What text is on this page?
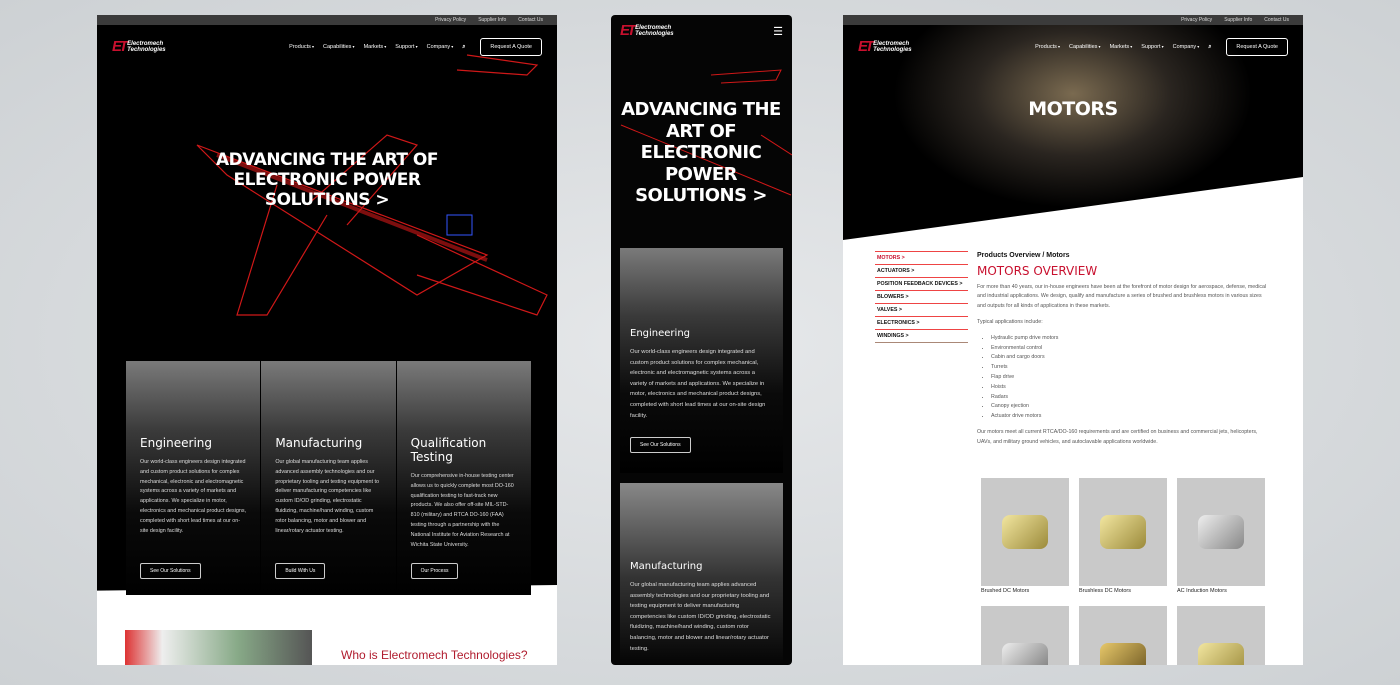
Privacy Policy Supplier Info Contact Us
ET Electromech
Technologies	Products ▾	Capabilities ▾	Markets ▾	Support ▾	Company ▾	⌕	Request A Quote
ADVANCING THE ART OF ELECTRONIC POWER SOLUTIONS >
Engineering

Our world-class engineers design integrated and custom product solutions for complex mechanical, electronic and electromagnetic systems across a variety of markets and applications. We specialize in motor, electronics and mechanical product designs, completed with short lead times at our on-site design facility.

See Our Solutions
Manufacturing

Our global manufacturing team applies advanced assembly technologies and our proprietary tooling and testing equipment to deliver manufacturing competencies like custom ID/OD grinding, electrostatic fluidizing, machine/hand winding, custom rotor balancing, motor and blower and linear/rotary actuator testing.

Build With Us
Qualification Testing

Our comprehensive in-house testing center allows us to quickly complete most DO-160 qualification testing to fast-track new products. We also offer off-site MIL-STD-810 (military) and RTCA DO-160 (FAA) testing through a partnership with the National Institute for Aviation Research at Wichita State University.

Our Process
Who is Electromech Technologies?
ET Electromech
Technologies	☰
ADVANCING THE ART OF ELECTRONIC POWER SOLUTIONS >
Engineering

Our world-class engineers design integrated and custom product solutions for complex mechanical, electronic and electromagnetic systems across a variety of markets and applications. We specialize in motor, electronics and mechanical product designs, completed with short lead times at our on-site design facility.

See Our Solutions
Manufacturing

Our global manufacturing team applies advanced assembly technologies and our proprietary tooling and testing equipment to deliver manufacturing competencies like custom ID/OD grinding, electrostatic fluidizing, machine/hand winding, custom rotor balancing, motor and blower and linear/rotary actuator testing.

Privacy Policy Supplier Info Contact Us
ET Electromech
Technologies	Products ▾	Capabilities ▾	Markets ▾	Support ▾	Company ▾	⌕	Request A Quote
MOTORS
MOTORS >
ACTUATORS >
POSITION FEEDBACK DEVICES >
BLOWERS >
VALVES >
ELECTRONICS >
WINDINGS >
Products Overview / Motors
MOTORS OVERVIEW

For more than 40 years, our in-house engineers have been at the forefront of motor design for aerospace, defense, medical and industrial applications. We design, qualify and manufacture a series of brushed and brushless motors in various sizes and outputs for all kinds of applications in these markets.

Typical applications include:

• Hydraulic pump drive motors
• Environmental control
• Cabin and cargo doors
• Turrets
• Flap drive
• Hoists
• Radars
• Canopy ejection
• Actuator drive motors

Our motors meet all current RTCA/DO-160 requirements and are certified on business and commercial jets, helicopters, UAVs, and military ground vehicles, and autoclavable applications worldwide.

Brushed DC Motors	Brushless DC Motors	AC Induction Motors
